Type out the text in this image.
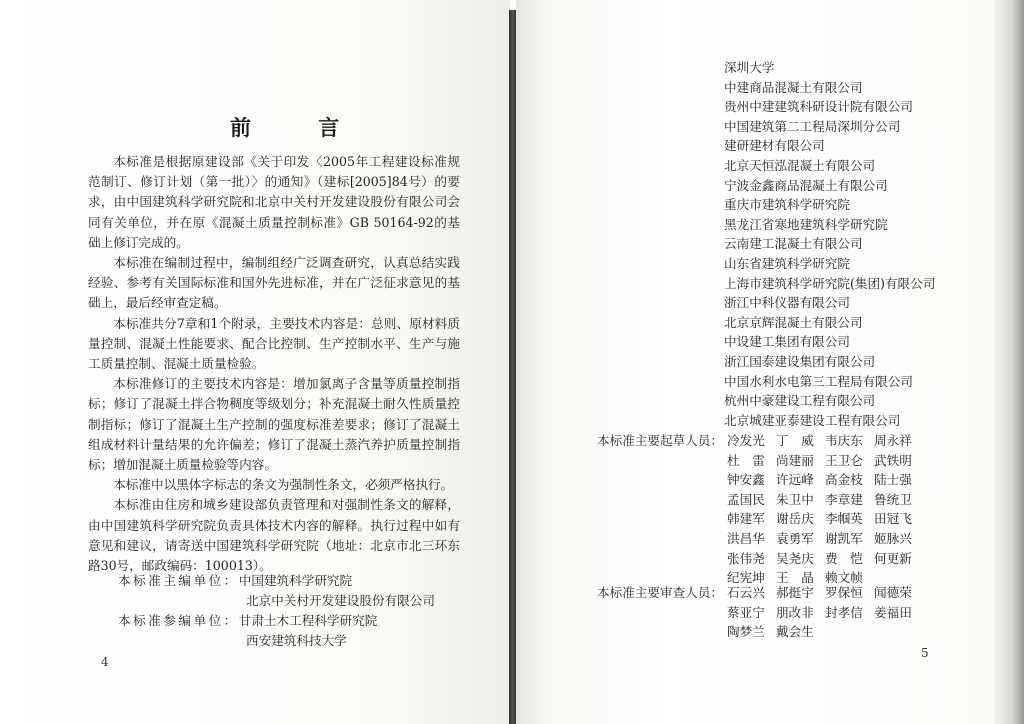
前 言

本标准是根据原建设部《关于印发〈2005年工程建设标准规范制订、修订计划（第一批）〉的通知》（建标[2005]84号）的要求，由中国建筑科学研究院和北京中关村开发建设股份有限公司会同有关单位，并在原《混凝土质量控制标准》GB 50164-92的基础上修订完成的。

本标准在编制过程中，编制组经广泛调查研究，认真总结实践经验、参考有关国际标准和国外先进标准，并在广泛征求意见的基础上，最后经审查定稿。

本标准共分7章和1个附录，主要技术内容是：总则、原材料质量控制、混凝土性能要求、配合比控制、生产控制水平、生产与施工质量控制、混凝土质量检验。

本标准修订的主要技术内容是：增加氯离子含量等质量控制指标；修订了混凝土拌合物稠度等级划分；补充混凝土耐久性质量控制指标；修订了混凝土生产控制的强度标准差要求；修订了混凝土组成材料计量结果的允许偏差；修订了混凝土蒸汽养护质量控制指标；增加混凝土质量检验等内容。

本标准中以黑体字标志的条文为强制性条文，必须严格执行。

本标准由住房和城乡建设部负责管理和对强制性条文的解释，由中国建筑科学研究院负责具体技术内容的解释。执行过程中如有意见和建议，请寄送中国建筑科学研究院（地址：北京市北三环东路30号，邮政编码：100013）。

本标准主编单位：中国建筑科学研究院
北京中关村开发建设股份有限公司
本标准参编单位：甘肃土木工程科学研究院
西安建筑科技大学
4
深圳大学
中建商品混凝土有限公司
贵州中建建筑科研设计院有限公司
中国建筑第二工程局深圳分公司
建研建材有限公司
北京天恒泓混凝土有限公司
宁波金鑫商品混凝土有限公司
重庆市建筑科学研究院
黑龙江省寒地建筑科学研究院
云南建工混凝土有限公司
山东省建筑科学研究院
上海市建筑科学研究院(集团)有限公司
浙江中科仪器有限公司
北京京辉混凝土有限公司
中设建工集团有限公司
浙江国泰建设集团有限公司
中国水利水电第三工程局有限公司
杭州中豪建设工程有限公司
北京城建亚泰建设工程有限公司
本标准主要起草人员： 冷发光 丁　威 韦庆东 周永祥
杜　雷 尚建丽 王卫仑 武铁明
钟安鑫 许远峰 高金枝 陆士强
孟国民 朱卫中 李章建 鲁统卫
韩建军 谢岳庆 李帼英 田冠飞
洪昌华 袁勇军 谢凯军 姬脉兴
张伟尧 吴尧庆 费　恺 何更新
纪宪坤 王　晶 赖文帧
本标准主要审查人员： 石云兴 郝挺宇 罗保恒 闻德荣
蔡亚宁 朋改非 封孝信 姜福田
陶梦兰 戴会生
5
